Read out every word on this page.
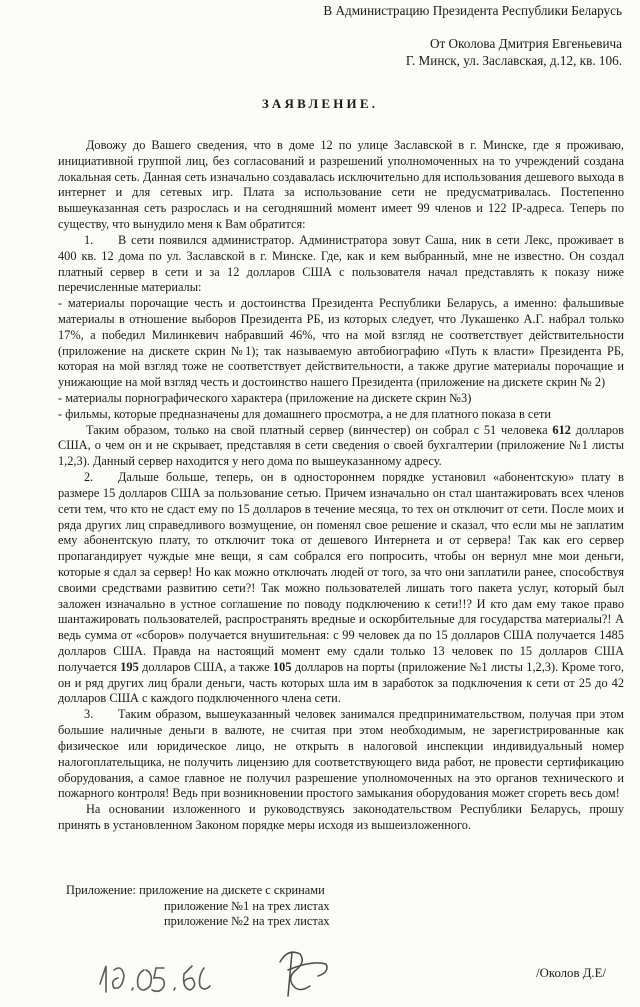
В Администрацию Президента Республики Беларусь
От Околова Дмитрия Евгеньевича
Г. Минск, ул. Заславская, д.12, кв. 106.
ЗАЯВЛЕНИЕ.

Довожу до Вашего сведения, что в доме 12 по улице Заславской в г. Минске, где я проживаю, инициативной группой лиц, без согласований и разрешений уполномоченных на то учреждений создана локальная сеть. Данная сеть изначально создавалась исключительно для использования дешевого выхода в интернет и для сетевых игр. Плата за использование сети не предусматривалась. Постепенно вышеуказанная сеть разрослась и на сегодняшний момент имеет 99 членов и 122 IP-адреса. Теперь по существу, что вынудило меня к Вам обратится:

1.   В сети появился администратор. Администратора зовут Саша, ник в сети Лекс, проживает в 400 кв. 12 дома по ул. Заславской в г. Минске. Где, как и кем выбранный, мне не известно. Он создал платный сервер в сети и за 12 долларов США с пользователя начал представлять к показу ниже перечисленные материалы:

- материалы порочащие честь и достоинства Президента Республики Беларусь, а именно: фальшивые материалы в отношение выборов Президента РБ, из которых следует, что Лукашенко А.Г. набрал только 17%, а победил Милинкевич набравший 46%, что на мой взгляд не соответствует действительности (приложение на дискете скрин №1); так называемую автобиографию «Путь к власти» Президента РБ, которая на мой взгляд тоже не соответствует действительности, а также другие материалы порочащие и унижающие на мой взгляд честь и достоинство нашего Президента (приложение на дискете скрин № 2)

- материалы порнографического характера (приложение на дискете скрин №3)

- фильмы, которые предназначены для домашнего просмотра, а не для платного показа в сети

Таким образом, только на свой платный сервер (винчестер) он собрал с 51 человека 612 долларов США, о чем он и не скрывает, представляя в сети сведения о своей бухгалтерии (приложение №1 листы 1,2,3). Данный сервер находится у него дома по вышеуказанному адресу.

2.   Дальше больше, теперь, он в одностороннем порядке установил «абонентскую» плату в размере 15 долларов США за пользование сетью. Причем изначально он стал шантажировать всех членов сети тем, что кто не сдаст ему по 15 долларов в течение месяца, то тех он отключит от сети. После моих и ряда других лиц справедливого возмущение, он поменял свое решение и сказал, что если мы не заплатим ему абонентскую плату, то отключит тока от дешевого Интернета и от сервера! Так как его сервер пропагандирует чуждые мне вещи, я сам собрался его попросить, чтобы он вернул мне мои деньги, которые я сдал за сервер! Но как можно отключать людей от того, за что они заплатили ранее, способствуя своими средствами развитию сети?! Так можно пользователей лишать того пакета услуг, который был заложен изначально в устное соглашение по поводу подключению к сети!!? И кто дам ему такое право шантажировать пользователей, распространять вредные и оскорбительные для государства материалы?! А ведь сумма от «сборов» получается внушительная: с 99 человек да по 15 долларов США получается 1485 долларов США. Правда на настоящий момент ему сдали только 13 человек по 15 долларов США получается 195 долларов США, а также 105 долларов на порты (приложение №1 листы 1,2,3). Кроме того, он и ряд других лиц брали деньги, часть которых шла им в заработок за подключения к сети от 25 до 42 долларов США с каждого подключенного члена сети.

3.   Таким образом, вышеуказанный человек занимался предпринимательством, получая при этом большие наличные деньги в валюте, не считая при этом необходимым, не зарегистрированные как физическое или юридическое лицо, не открыть в налоговой инспекции индивидуальный номер налогоплательщика, не получить лицензию для соответствующего вида работ, не провести сертификацию оборудования, а самое главное не получил разрешение уполномоченных на это органов технического и пожарного контроля! Ведь при возникновении простого замыкания оборудования может сгореть весь дом!

На основании изложенного и руководствуясь законодательством Республики Беларусь, прошу принять в установленном Законом порядке меры исходя из вышеизложенного.

Приложение: приложение на дискете с скринами
приложение №1 на трех листах
приложение №2 на трех листах
/Околов Д.Е/
